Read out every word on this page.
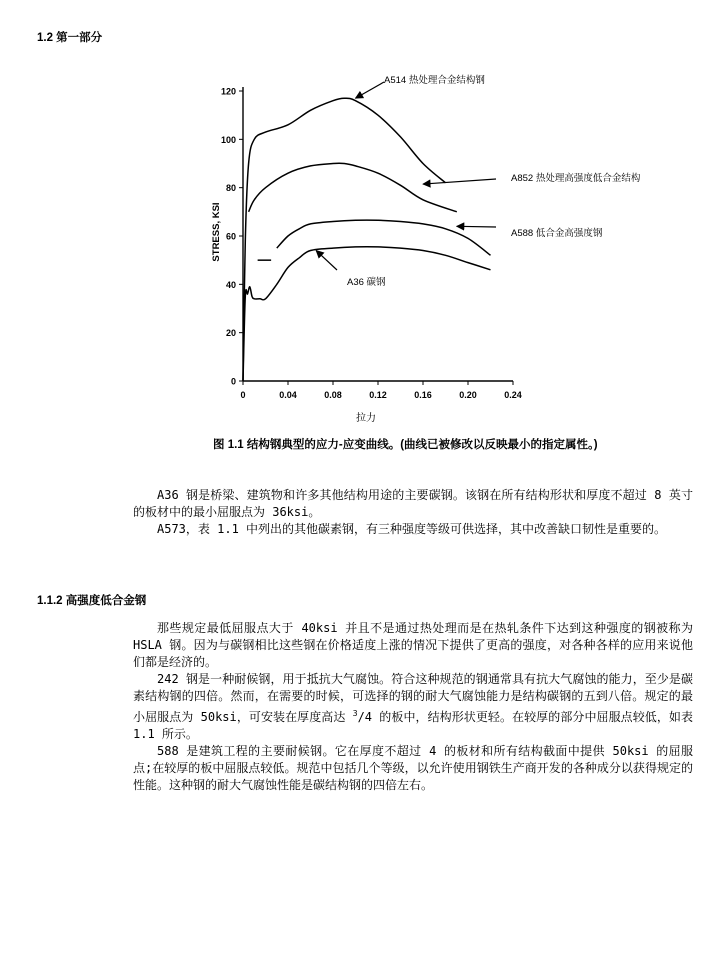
1.2 第一部分
0
20
40
60
80
100
120
0	0.04	0.08	0.12	0.16	0.20	0.24
STRESS, KSI
拉力
A514 热处理合金结构钢
A852 热处理高强度低合金结构
A588 低合金高强度钢
A36 碳钢
图 1.1 结构钢典型的应力-应变曲线。(曲线已被修改以反映最小的指定属性。)

A36 钢是桥梁、建筑物和许多其他结构用途的主要碳钢。该钢在所有结构形状和厚度不超过 8 英寸的板材中的最小屈服点为 36ksi。

A573，表 1.1 中列出的其他碳素钢，有三种强度等级可供选择，其中改善缺口韧性是重要的。

1.1.2 高强度低合金钢

那些规定最低屈服点大于 40ksi 并且不是通过热处理而是在热轧条件下达到这种强度的钢被称为 HSLA 钢。因为与碳钢相比这些钢在价格适度上涨的情况下提供了更高的强度，对各种各样的应用来说他们都是经济的。

242 钢是一种耐候钢，用于抵抗大气腐蚀。符合这种规范的钢通常具有抗大气腐蚀的能力，至少是碳素结构钢的四倍。然而，在需要的时候，可选择的钢的耐大气腐蚀能力是结构碳钢的五到八倍。规定的最小屈服点为 50ksi，可安装在厚度高达 $^3$/4 的板中，结构形状更轻。在较厚的部分中屈服点较低，如表 1.1 所示。

588 是建筑工程的主要耐候钢。它在厚度不超过 4 的板材和所有结构截面中提供 50ksi 的屈服点;在较厚的板中屈服点较低。规范中包括几个等级，以允许使用钢铁生产商开发的各种成分以获得规定的性能。这种钢的耐大气腐蚀性能是碳结构钢的四倍左右。
